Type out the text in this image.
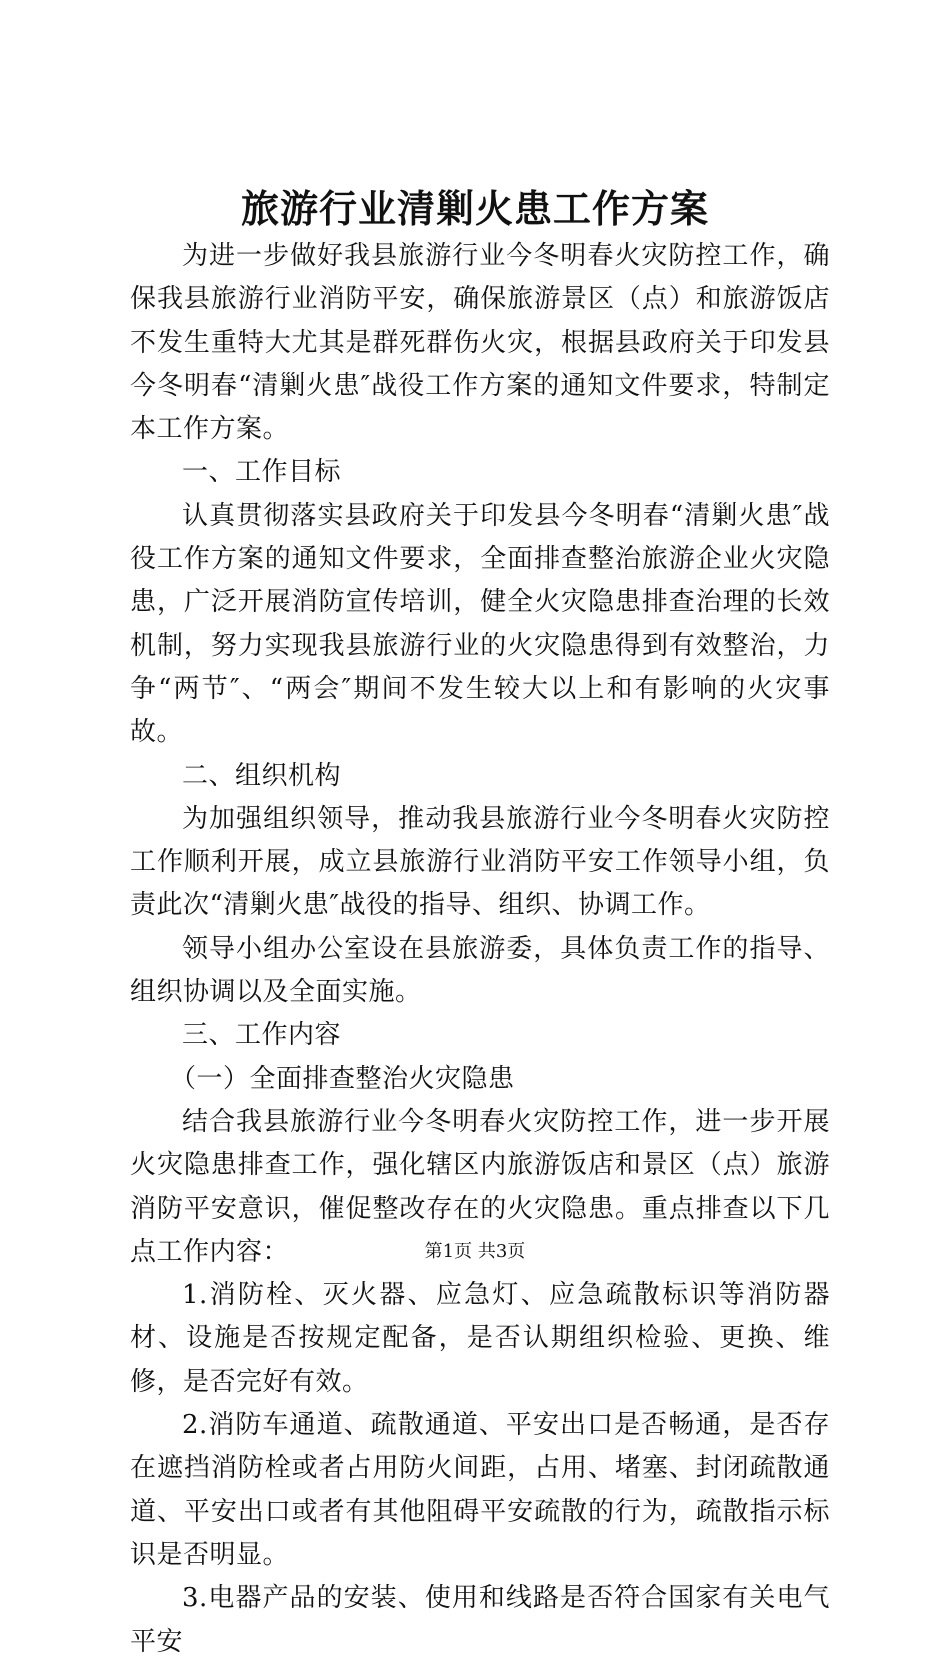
旅游行业清剿火患工作方案

为进一步做好我县旅游行业今冬明春火灾防控工作，确保我县旅游行业消防平安，确保旅游景区（点）和旅游饭店不发生重特大尤其是群死群伤火灾，根据县政府关于印发县今冬明春“清剿火患″战役工作方案的通知文件要求，特制定本工作方案。

一、工作目标

认真贯彻落实县政府关于印发县今冬明春“清剿火患″战役工作方案的通知文件要求，全面排查整治旅游企业火灾隐患，广泛开展消防宣传培训，健全火灾隐患排查治理的长效机制，努力实现我县旅游行业的火灾隐患得到有效整治，力争“两节″、“两会″期间不发生较大以上和有影响的火灾事故。

二、组织机构

为加强组织领导，推动我县旅游行业今冬明春火灾防控工作顺利开展，成立县旅游行业消防平安工作领导小组，负责此次“清剿火患″战役的指导、组织、协调工作。

领导小组办公室设在县旅游委，具体负责工作的指导、组织协调以及全面实施。

三、工作内容

（一）全面排查整治火灾隐患

结合我县旅游行业今冬明春火灾防控工作，进一步开展火灾隐患排查工作，强化辖区内旅游饭店和景区（点）旅游消防平安意识，催促整改存在的火灾隐患。重点排查以下几点工作内容：

1.消防栓、灭火器、应急灯、应急疏散标识等消防器材、设施是否按规定配备，是否认期组织检验、更换、维修，是否完好有效。

2.消防车通道、疏散通道、平安出口是否畅通，是否存在遮挡消防栓或者占用防火间距，占用、堵塞、封闭疏散通道、平安出口或者有其他阻碍平安疏散的行为，疏散指示标识是否明显。

3.电器产品的安装、使用和线路是否符合国家有关电气平安

第1页 共3页
